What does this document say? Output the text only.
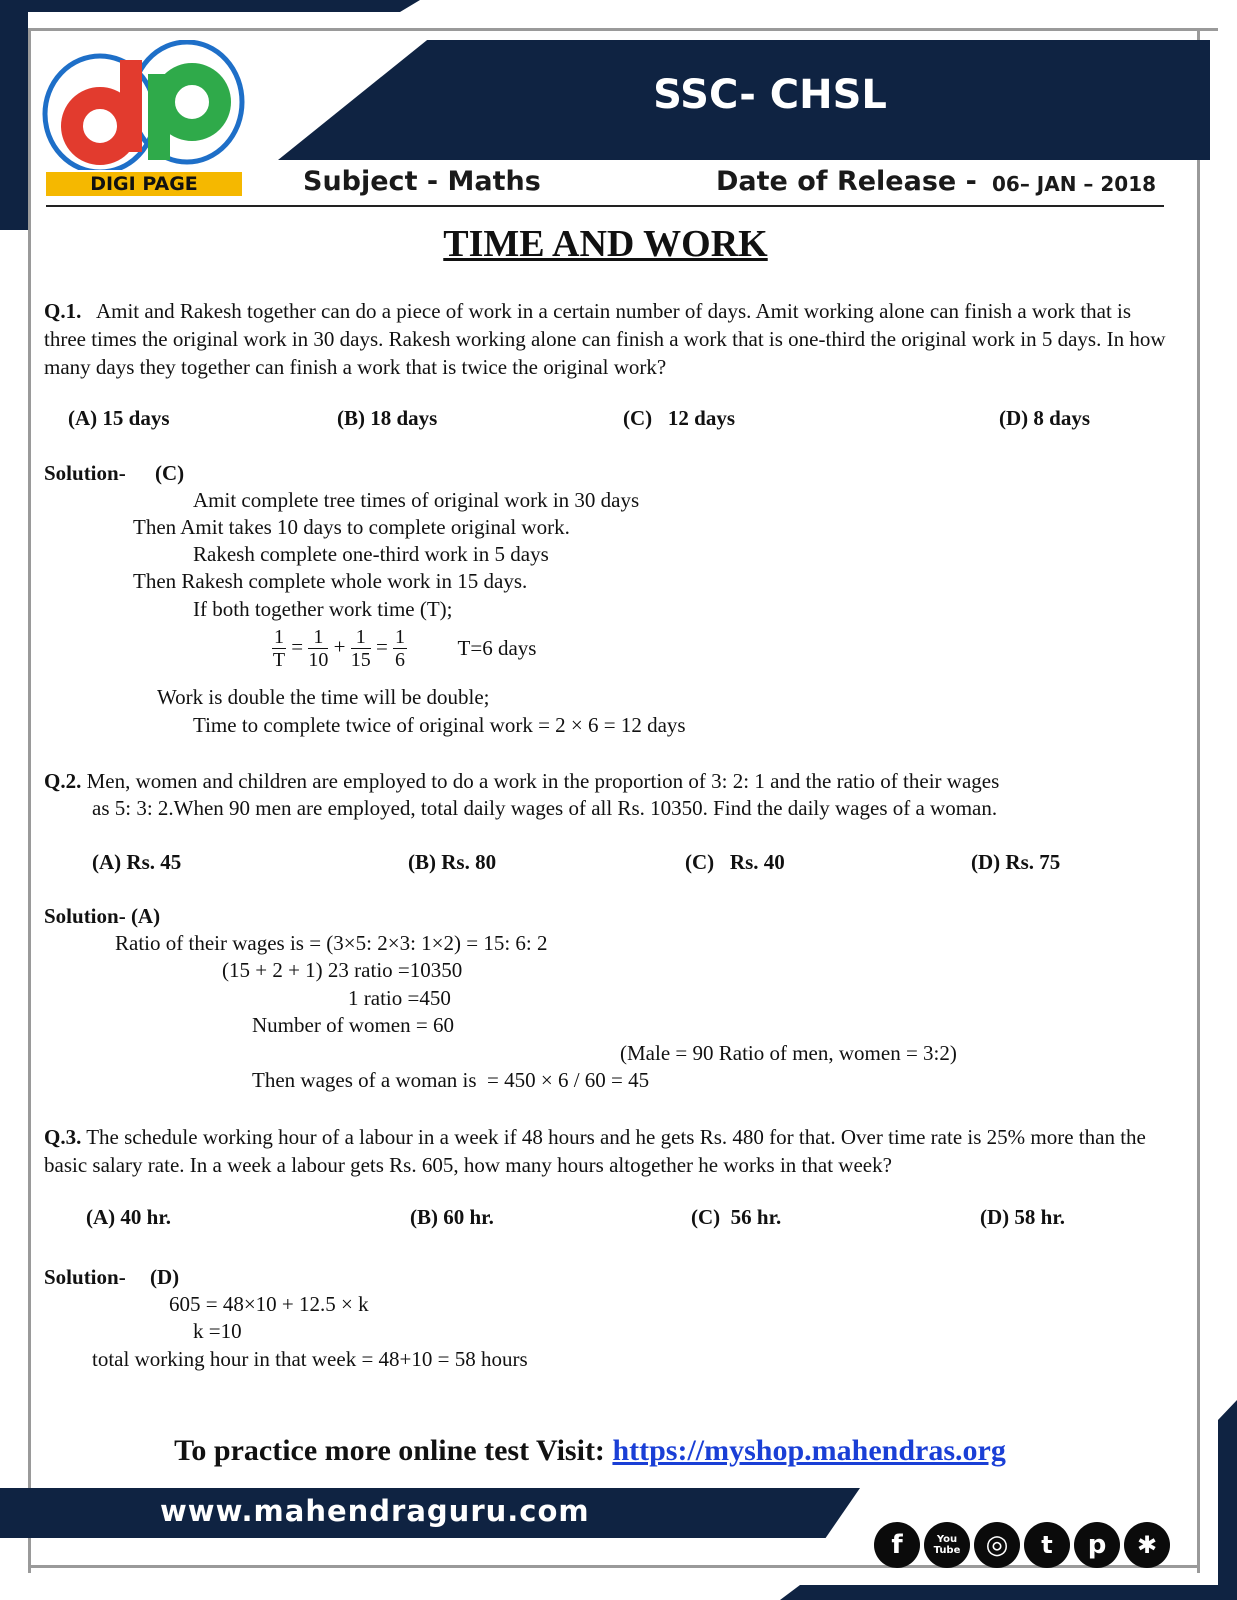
SSC- CHSL
DIGI PAGE	Subject - Maths	Date of Release - 06– JAN – 2018
TIME AND WORK
Q.1. Amit and Rakesh together can do a piece of work in a certain number of days. Amit working alone can finish a work that is three times the original work in 30 days. Rakesh working alone can finish a work that is one-third the original work in 5 days. In how many days they together can finish a work that is twice the original work?
(A) 15 days	(B) 18 days	(C)   12 days	(D) 8 days
Solution- (C)
Amit complete tree times of original work in 30 days
Then Amit takes 10 days to complete original work.
Rakesh complete one-third work in 5 days
Then Rakesh complete whole work in 15 days.
If both together work time (T);
$\frac{1}{T} = \frac{1}{10} + \frac{1}{15} = \frac{1}{6} T=6$ days
Work is double the time will be double;
Time to complete twice of original work = 2 × 6 = 12 days
Q.2. Men, women and children are employed to do a work in the proportion of 3: 2: 1 and the ratio of their wages
as 5: 3: 2.When 90 men are employed, total daily wages of all Rs. 10350. Find the daily wages of a woman.
(A) Rs. 45	(B) Rs. 80	(C)   Rs. 40	(D) Rs. 75
Solution- (A)
Ratio of their wages is = (3×5: 2×3: 1×2) = 15: 6: 2
(15 + 2 + 1) 23 ratio =10350
1 ratio =450
Number of women = 60
(Male = 90 Ratio of men, women = 3:2)
Then wages of a woman is  = 450 × 6 / 60 = 45
Q.3. The schedule working hour of a labour in a week if 48 hours and he gets Rs. 480 for that. Over time rate is 25% more than the basic salary rate. In a week a labour gets Rs. 605, how many hours altogether he works in that week?
(A) 40 hr.	(B) 60 hr.	(C)  56 hr.	(D) 58 hr.
Solution- (D)
605 = 48×10 + 12.5 × k
k =10
total working hour in that week = 48+10 = 58 hours
To practice more online test Visit: https://myshop.mahendras.org
www.mahendraguru.com
f	You Tube ◎	t	p	✱
